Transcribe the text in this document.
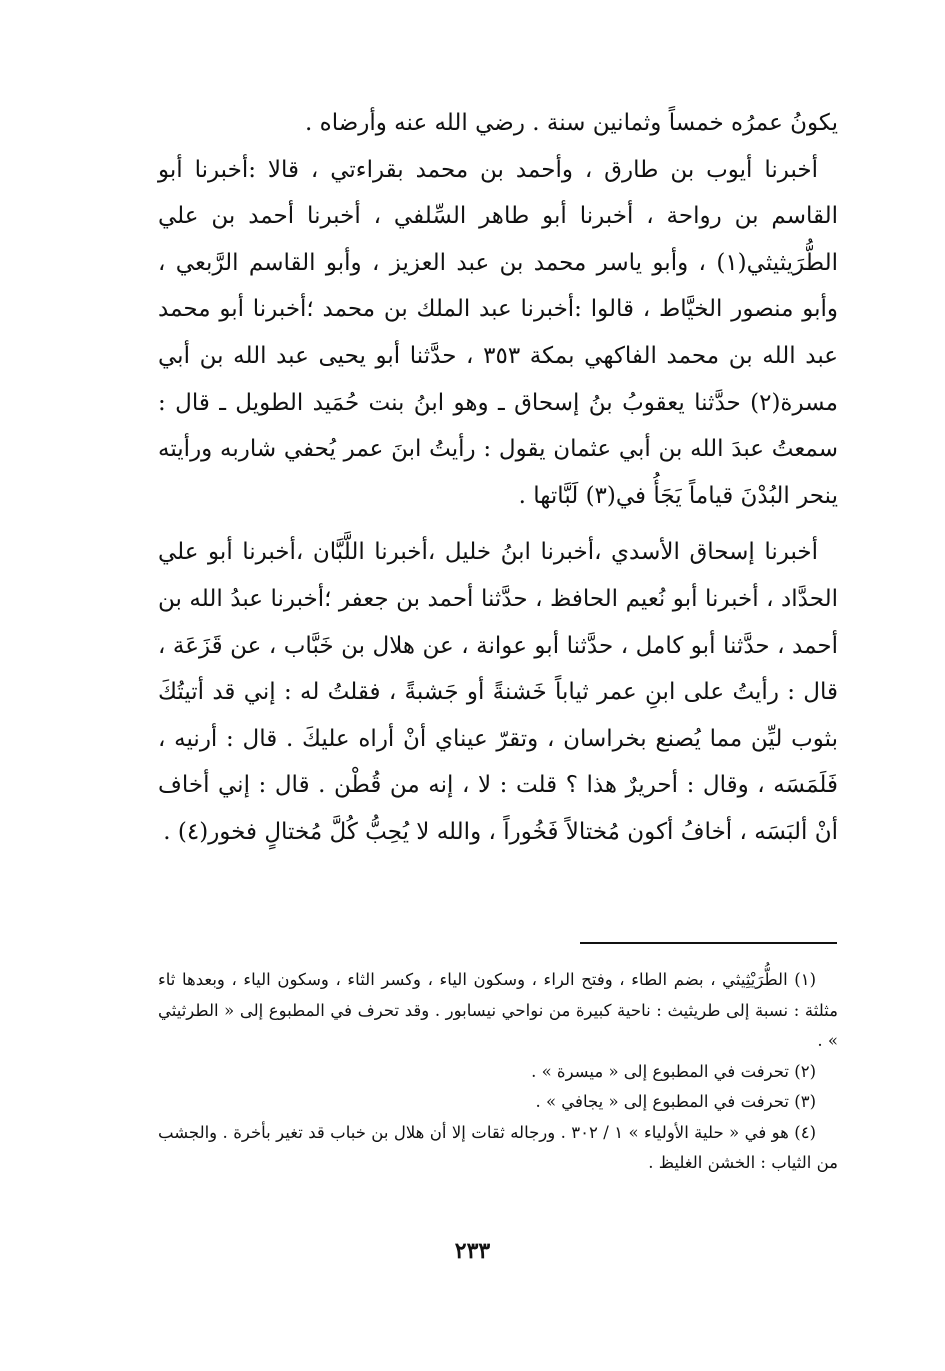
يكونُ عمرُه خمساً وثمانين سنة . رضي الله عنه وأرضاه .

أخبرنا أيوب بن طارق ، وأحمد بن محمد بقراءتي ، قالا :أخبرنا أبو القاسم بن رواحة ، أخبرنا أبو طاهر السِّلفي ، أخبرنا أحمد بن علي الطُّرَيثيثي(١) ، وأبو ياسر محمد بن عبد العزيز ، وأبو القاسم الرَّبعي ، وأبو منصور الخيَّاط ، قالوا :أخبرنا عبد الملك بن محمد ؛أخبرنا أبو محمد عبد الله بن محمد الفاكهي بمكة ٣٥٣ ، حدَّثنا أبو يحيى عبد الله بن أبي مسرة(٢) حدَّثنا يعقوبُ بنُ إسحاق ـ وهو ابنُ بنت حُمَيد الطويل ـ قال : سمعتُ عبدَ الله بن أبي عثمان يقول : رأيتُ ابنَ عمر يُحفي شاربه ورأيته ينحر البُدْنَ قياماً يَجَأُ في(٣) لَبَّاتها .

أخبرنا إسحاق الأسدي ،أخبرنا ابنُ خليل ،أخبرنا اللَّبَّان ،أخبرنا أبو علي الحدَّاد ، أخبرنا أبو نُعيم الحافظ ، حدَّثنا أحمد بن جعفر ؛أخبرنا عبدُ الله بن أحمد ، حدَّثنا أبو كامل ، حدَّثنا أبو عوانة ، عن هلال بن خَبَّاب ، عن قَزَعَة ، قال : رأيتُ على ابنِ عمر ثياباً خَشنةً أو جَشبةً ، فقلتُ له : إني قد أتيتُكَ بثوب ليِّن مما يُصنع بخراسان ، وتقرّ عيناي أنْ أراه عليكَ . قال : أرنيه ، فَلَمَسَه ، وقال : أحريرٌ هذا ؟ قلت : لا ، إنه من قُطْن . قال : إني أخاف أنْ ألبَسَه ، أخافُ أكون مُختالاً فَخُوراً ، والله لا يُحِبُّ كُلَّ مُختالٍ فخور(٤) .

(١) الطُّرَيْثِيثي ، بضم الطاء ، وفتح الراء ، وسكون الياء ، وكسر الثاء ، وسكون الياء ، وبعدها ثاء مثلثة : نسبة إلى طريثيث : ناحية كبيرة من نواحي نيسابور . وقد تحرف في المطبوع إلى « الطرثيثي » .

(٢) تحرفت في المطبوع إلى « ميسرة » .

(٣) تحرفت في المطبوع إلى « يجافي » .

(٤) هو في « حلية الأولياء » ١ / ٣٠٢ . ورجاله ثقات إلا أن هلال بن خباب قد تغير بأخرة . والجشب من الثياب : الخشن الغليظ .

٢٣٣
